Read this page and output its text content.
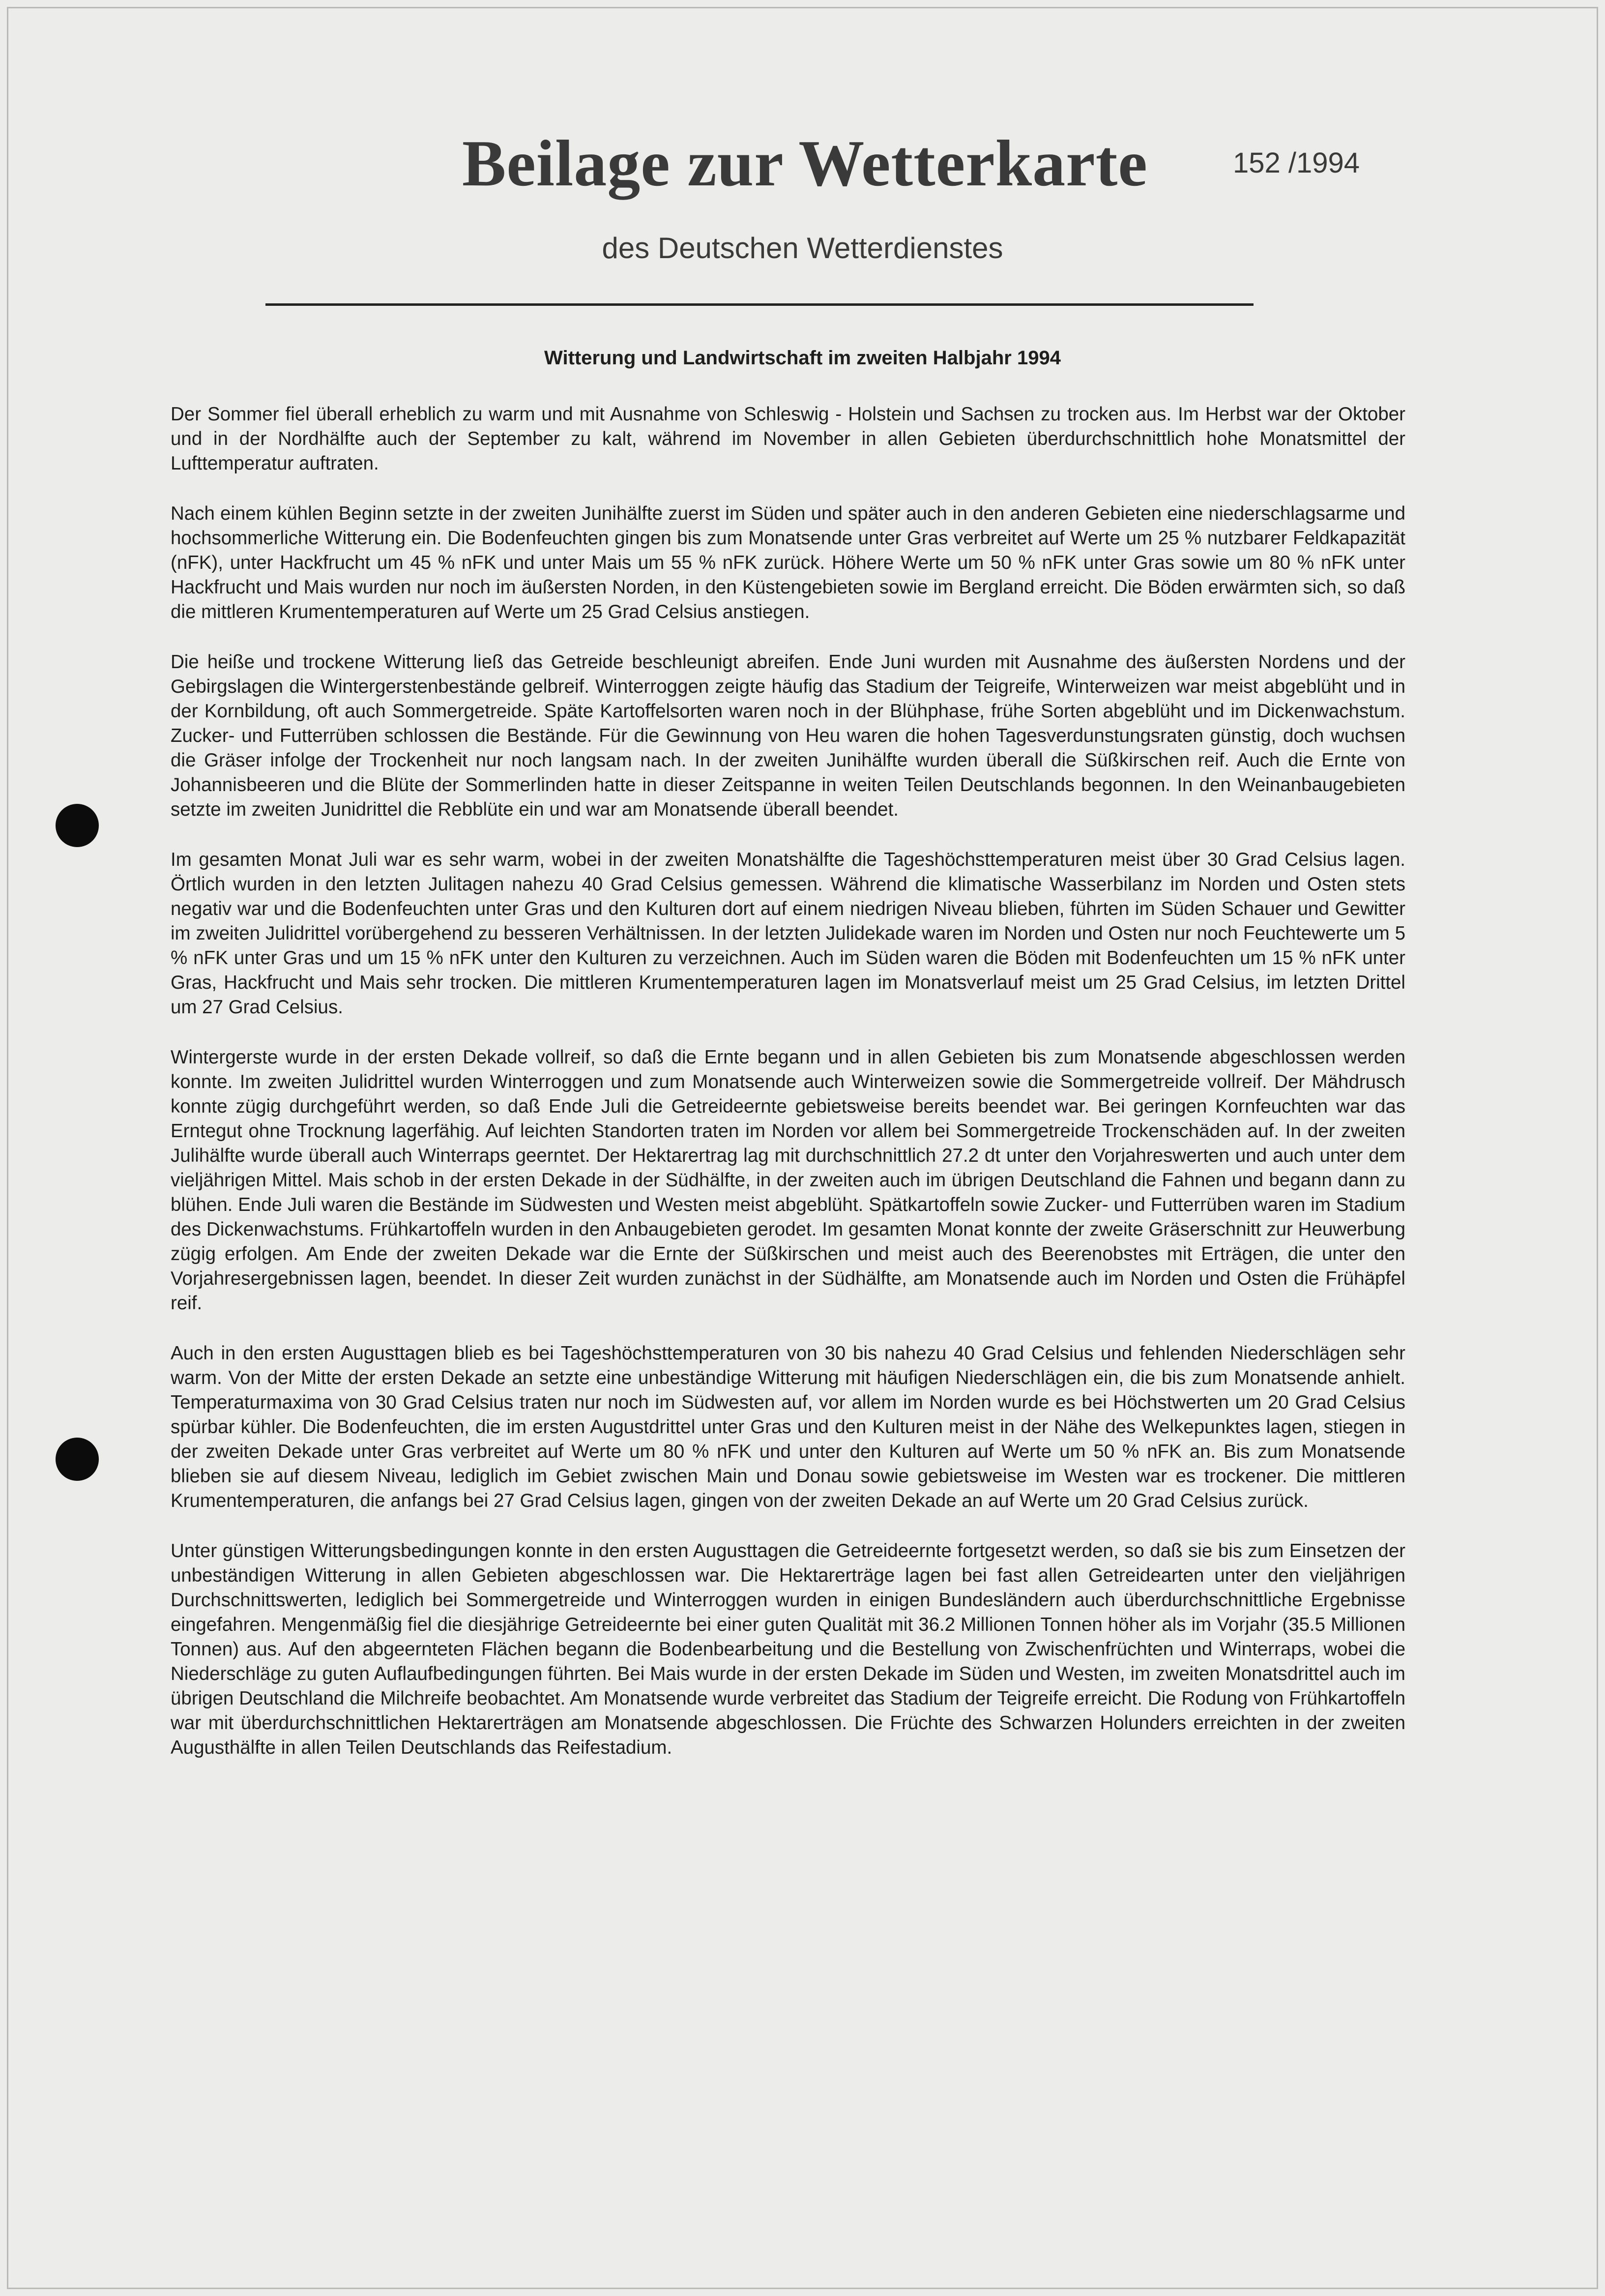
Beilage zur Wetterkarte	152 /1994
des Deutschen Wetterdienstes
Witterung und Landwirtschaft im zweiten Halbjahr 1994

Der Sommer fiel überall erheblich zu warm und mit Ausnahme von Schleswig - Holstein und Sachsen zu trocken aus. Im Herbst war der Oktober und in der Nordhälfte auch der September zu kalt, während im November in allen Gebieten überdurchschnittlich hohe Monatsmittel der Lufttemperatur auftraten.

Nach einem kühlen Beginn setzte in der zweiten Junihälfte zuerst im Süden und später auch in den anderen Gebieten eine niederschlagsarme und hochsommerliche Witterung ein. Die Bodenfeuchten gingen bis zum Monatsende unter Gras verbreitet auf Werte um 25 % nutzbarer Feldkapazität (nFK), unter Hackfrucht um 45 % nFK und unter Mais um 55 % nFK zurück. Höhere Werte um 50 % nFK unter Gras sowie um 80 % nFK unter Hackfrucht und Mais wurden nur noch im äußersten Norden, in den Küstengebieten sowie im Bergland erreicht. Die Böden erwärmten sich, so daß die mittleren Krumentemperaturen auf Werte um 25 Grad Celsius anstiegen.

Die heiße und trockene Witterung ließ das Getreide beschleunigt abreifen. Ende Juni wurden mit Ausnahme des äußersten Nordens und der Gebirgslagen die Wintergerstenbestände gelbreif. Winterroggen zeigte häufig das Stadium der Teigreife, Winterweizen war meist abgeblüht und in der Kornbildung, oft auch Sommergetreide. Späte Kartoffelsorten waren noch in der Blühphase, frühe Sorten abgeblüht und im Dickenwachstum. Zucker- und Futterrüben schlossen die Bestände. Für die Gewinnung von Heu waren die hohen Tagesverdunstungsraten günstig, doch wuchsen die Gräser infolge der Trockenheit nur noch langsam nach. In der zweiten Junihälfte wurden überall die Süßkirschen reif. Auch die Ernte von Johannisbeeren und die Blüte der Sommerlinden hatte in dieser Zeitspanne in weiten Teilen Deutschlands begonnen. In den Weinanbaugebieten setzte im zweiten Junidrittel die Rebblüte ein und war am Monatsende überall beendet.

Im gesamten Monat Juli war es sehr warm, wobei in der zweiten Monatshälfte die Tageshöchsttemperaturen meist über 30 Grad Celsius lagen. Örtlich wurden in den letzten Julitagen nahezu 40 Grad Celsius gemessen. Während die klimatische Wasserbilanz im Norden und Osten stets negativ war und die Bodenfeuchten unter Gras und den Kulturen dort auf einem niedrigen Niveau blieben, führten im Süden Schauer und Gewitter im zweiten Julidrittel vorübergehend zu besseren Verhältnissen. In der letzten Julidekade waren im Norden und Osten nur noch Feuchtewerte um 5 % nFK unter Gras und um 15 % nFK unter den Kulturen zu verzeichnen. Auch im Süden waren die Böden mit Bodenfeuchten um 15 % nFK unter Gras, Hackfrucht und Mais sehr trocken. Die mittleren Krumentemperaturen lagen im Monatsverlauf meist um 25 Grad Celsius, im letzten Drittel um 27 Grad Celsius.

Wintergerste wurde in der ersten Dekade vollreif, so daß die Ernte begann und in allen Gebieten bis zum Monatsende abgeschlossen werden konnte. Im zweiten Julidrittel wurden Winterroggen und zum Monatsende auch Winterweizen sowie die Sommergetreide vollreif. Der Mähdrusch konnte zügig durchgeführt werden, so daß Ende Juli die Getreideernte gebietsweise bereits beendet war. Bei geringen Kornfeuchten war das Erntegut ohne Trocknung lagerfähig. Auf leichten Standorten traten im Norden vor allem bei Sommergetreide Trockenschäden auf. In der zweiten Julihälfte wurde überall auch Winterraps geerntet. Der Hektarertrag lag mit durchschnittlich 27.2 dt unter den Vorjahreswerten und auch unter dem vieljährigen Mittel. Mais schob in der ersten Dekade in der Südhälfte, in der zweiten auch im übrigen Deutschland die Fahnen und begann dann zu blühen. Ende Juli waren die Bestände im Südwesten und Westen meist abgeblüht. Spätkartoffeln sowie Zucker- und Futterrüben waren im Stadium des Dickenwachstums. Frühkartoffeln wurden in den Anbaugebieten gerodet. Im gesamten Monat konnte der zweite Gräserschnitt zur Heuwerbung zügig erfolgen. Am Ende der zweiten Dekade war die Ernte der Süßkirschen und meist auch des Beerenobstes mit Erträgen, die unter den Vorjahresergebnissen lagen, beendet. In dieser Zeit wurden zunächst in der Südhälfte, am Monatsende auch im Norden und Osten die Frühäpfel reif.

Auch in den ersten Augusttagen blieb es bei Tageshöchsttemperaturen von 30 bis nahezu 40 Grad Celsius und fehlenden Niederschlägen sehr warm. Von der Mitte der ersten Dekade an setzte eine unbeständige Witterung mit häufigen Niederschlägen ein, die bis zum Monatsende anhielt. Temperaturmaxima von 30 Grad Celsius traten nur noch im Südwesten auf, vor allem im Norden wurde es bei Höchstwerten um 20 Grad Celsius spürbar kühler. Die Bodenfeuchten, die im ersten Augustdrittel unter Gras und den Kulturen meist in der Nähe des Welkepunktes lagen, stiegen in der zweiten Dekade unter Gras verbreitet auf Werte um 80 % nFK und unter den Kulturen auf Werte um 50 % nFK an. Bis zum Monatsende blieben sie auf diesem Niveau, lediglich im Gebiet zwischen Main und Donau sowie gebietsweise im Westen war es trockener. Die mittleren Krumentemperaturen, die anfangs bei 27 Grad Celsius lagen, gingen von der zweiten Dekade an auf Werte um 20 Grad Celsius zurück.

Unter günstigen Witterungsbedingungen konnte in den ersten Augusttagen die Getreideernte fortgesetzt werden, so daß sie bis zum Einsetzen der unbeständigen Witterung in allen Gebieten abgeschlossen war. Die Hektarerträge lagen bei fast allen Getreidearten unter den vieljährigen Durchschnittswerten, lediglich bei Sommergetreide und Winterroggen wurden in einigen Bundesländern auch überdurchschnittliche Ergebnisse eingefahren. Mengenmäßig fiel die diesjährige Getreideernte bei einer guten Qualität mit 36.2 Millionen Tonnen höher als im Vorjahr (35.5 Millionen Tonnen) aus. Auf den abgeernteten Flächen begann die Bodenbearbeitung und die Bestellung von Zwischenfrüchten und Winterraps, wobei die Niederschläge zu guten Auflaufbedingungen führten. Bei Mais wurde in der ersten Dekade im Süden und Westen, im zweiten Monatsdrittel auch im übrigen Deutschland die Milchreife beobachtet. Am Monatsende wurde verbreitet das Stadium der Teigreife erreicht. Die Rodung von Frühkartoffeln war mit überdurchschnittlichen Hektarerträgen am Monatsende abgeschlossen. Die Früchte des Schwarzen Holunders erreichten in der zweiten Augusthälfte in allen Teilen Deutschlands das Reifestadium.
